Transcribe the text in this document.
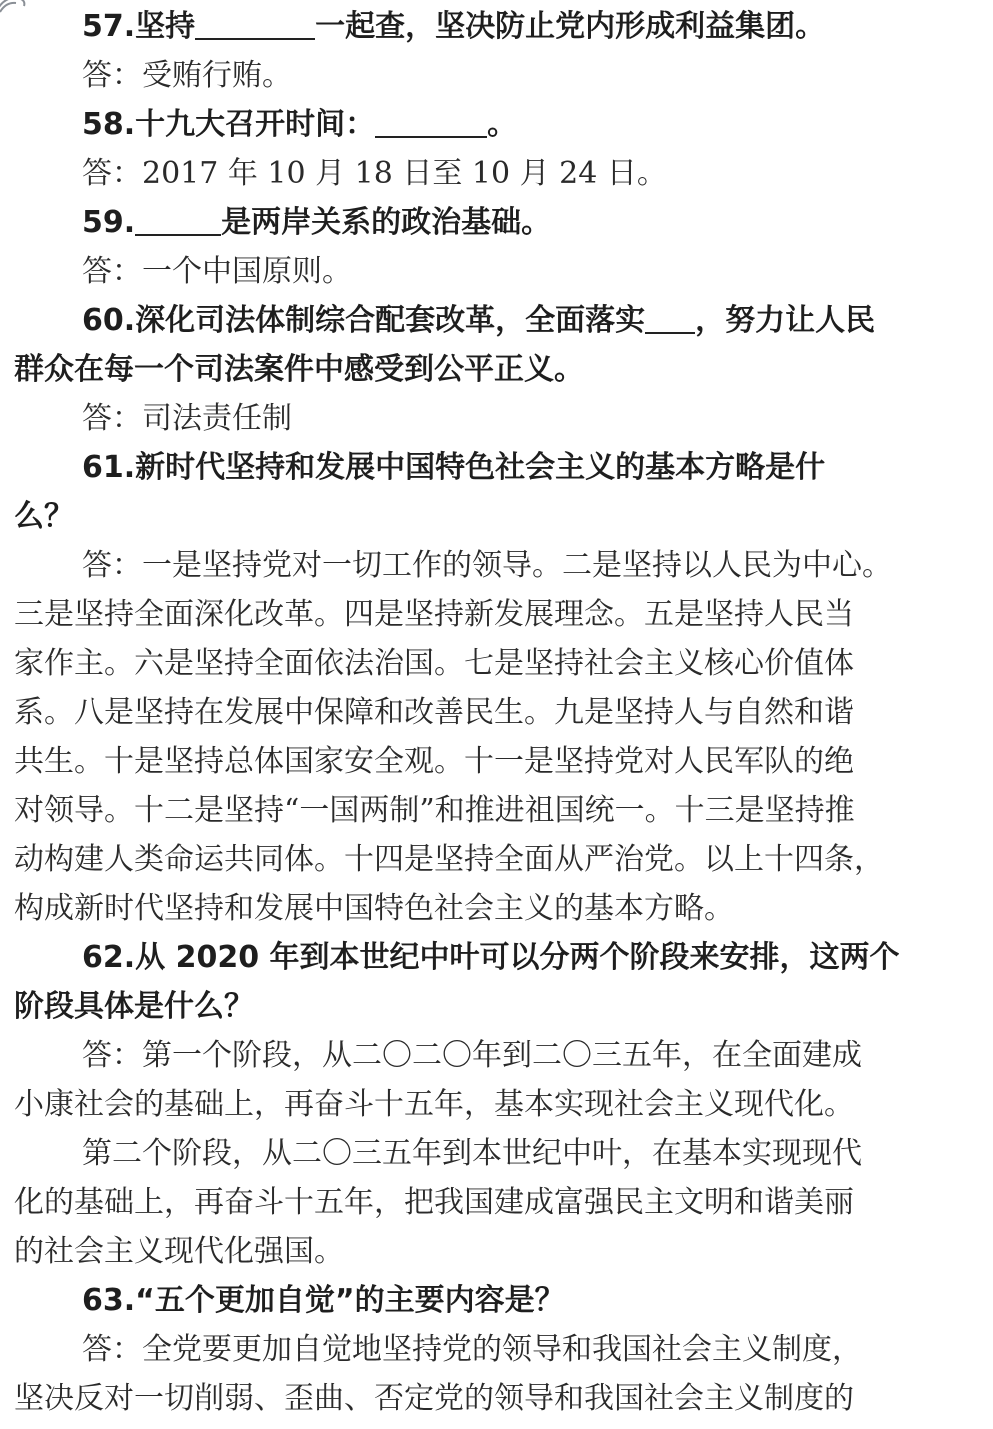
57.坚持	一起查，坚决防止党内形成利益集团。
答：受贿行贿。
58.十九大召开时间：	。
答：2017 年 10 月 18 日至 10 月 24 日。
59.	是两岸关系的政治基础。
答：一个中国原则。
60.深化司法体制综合配套改革，全面落实 ，努力让人民
群众在每一个司法案件中感受到公平正义。
答：司法责任制
61.新时代坚持和发展中国特色社会主义的基本方略是什
么？
答：一是坚持党对一切工作的领导。二是坚持以人民为中心。
三是坚持全面深化改革。四是坚持新发展理念。五是坚持人民当
家作主。六是坚持全面依法治国。七是坚持社会主义核心价值体
系。八是坚持在发展中保障和改善民生。九是坚持人与自然和谐
共生。十是坚持总体国家安全观。十一是坚持党对人民军队的绝
对领导。十二是坚持“一国两制”和推进祖国统一。十三是坚持推
动构建人类命运共同体。十四是坚持全面从严治党。以上十四条，
构成新时代坚持和发展中国特色社会主义的基本方略。
62.从 2020 年到本世纪中叶可以分两个阶段来安排，这两个
阶段具体是什么？
答：第一个阶段，从二〇二〇年到二〇三五年，在全面建成
小康社会的基础上，再奋斗十五年，基本实现社会主义现代化。
第二个阶段，从二〇三五年到本世纪中叶，在基本实现现代
化的基础上，再奋斗十五年，把我国建成富强民主文明和谐美丽
的社会主义现代化强国。
63.“五个更加自觉”的主要内容是？
答：全党要更加自觉地坚持党的领导和我国社会主义制度，
坚决反对一切削弱、歪曲、否定党的领导和我国社会主义制度的
